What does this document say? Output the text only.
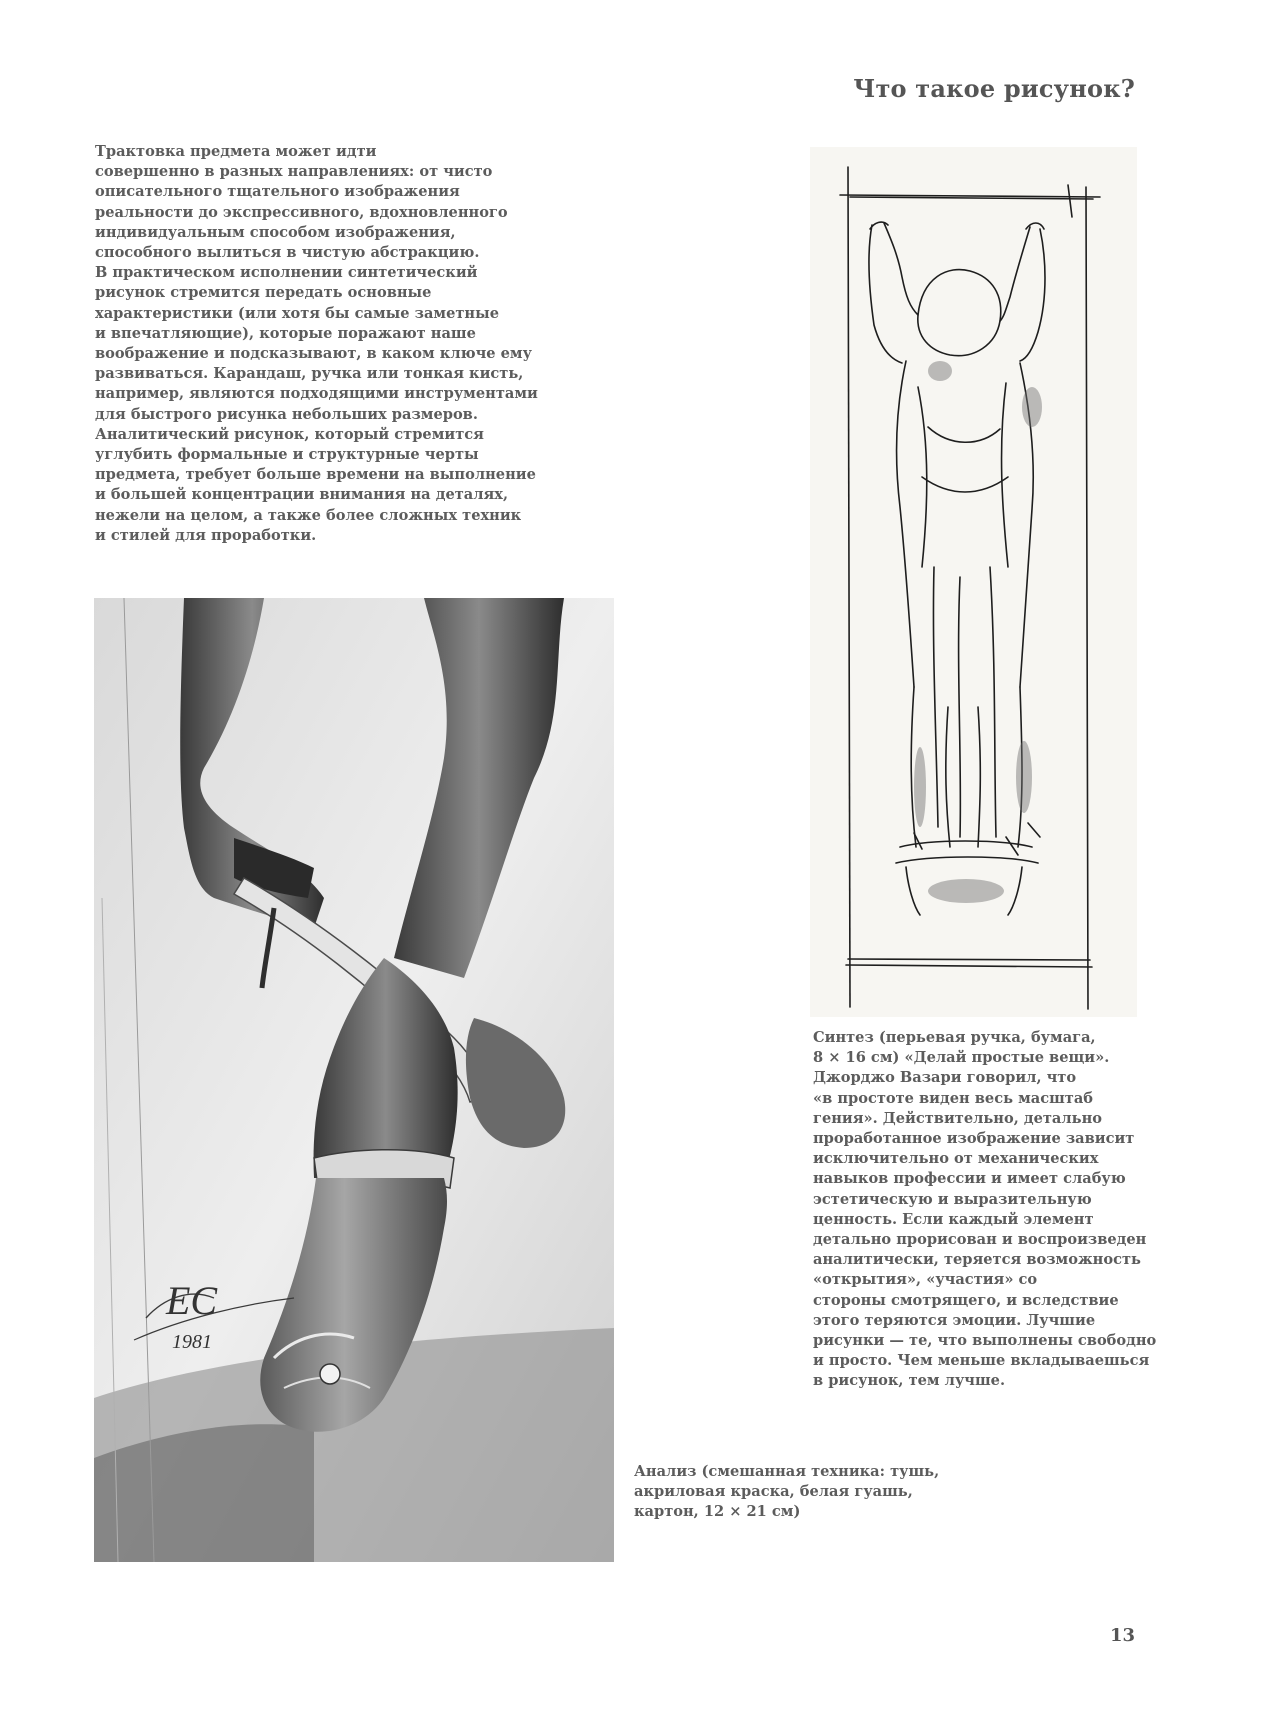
Что такое рисунок?
Трактовка предмета может идти
совершенно в разных направлениях: от чисто
описательного тщательного изображения
реальности до экспрессивного, вдохновленного
индивидуальным способом изображения,
способного вылиться в чистую абстракцию.
В практическом исполнении синтетический
рисунок стремится передать основные
характеристики (или хотя бы самые заметные
и впечатляющие), которые поражают наше
воображение и подсказывают, в каком ключе ему
развиваться. Карандаш, ручка или тонкая кисть,
например, являются подходящими инструментами
для быстрого рисунка небольших размеров.
Аналитический рисунок, который стремится
углубить формальные и структурные черты
предмета, требует больше времени на выполнение
и большей концентрации внимания на деталях,
нежели на целом, а также более сложных техник
и стилей для проработки.
Синтез (перьевая ручка, бумага,
8 × 16 см) «Делай простые вещи».
Джорджо Вазари говорил, что
«в простоте виден весь масштаб
гения». Действительно, детально
проработанное изображение зависит
исключительно от механических
навыков профессии и имеет слабую
эстетическую и выразительную
ценность. Если каждый элемент
детально прорисован и воспроизведен
аналитически, теряется возможность
«открытия», «участия» со
стороны смотрящего, и вследствие
этого теряются эмоции. Лучшие
рисунки — те, что выполнены свободно
и просто. Чем меньше вкладываешься
в рисунок, тем лучше.
EC
1981
Анализ (смешанная техника: тушь,
акриловая краска, белая гуашь,
картон, 12 × 21 см)
13
